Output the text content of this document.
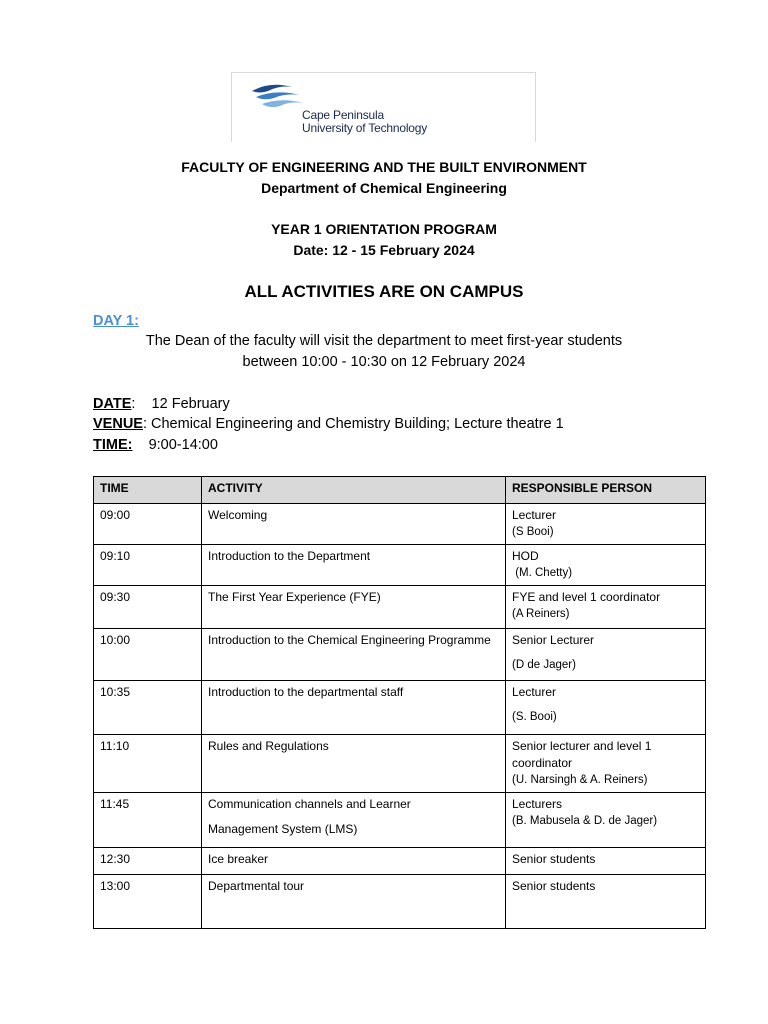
Cape Peninsula
University of Technology
FACULTY OF ENGINEERING AND THE BUILT ENVIRONMENT
Department of Chemical Engineering
YEAR 1 ORIENTATION PROGRAM
Date: 12 - 15 February 2024
ALL ACTIVITIES ARE ON CAMPUS
DAY 1:
The Dean of the faculty will visit the department to meet first-year students
between 10:00 - 10:30 on 12 February 2024
DATE:    12 February
VENUE: Chemical Engineering and Chemistry Building; Lecture theatre 1
TIME:    9:00-14:00
TIME	ACTIVITY	RESPONSIBLE PERSON
09:00	Welcoming	Lecturer
(S Booi)

09:10	Introduction to the Department	HOD
(M. Chetty)

09:30	The First Year Experience (FYE)	FYE and level 1 coordinator
(A Reiners)

10:00	Introduction to the Chemical Engineering Programme	Senior Lecturer
(D de Jager)

10:35	Introduction to the departmental staff	Lecturer
(S. Booi)

11:10	Rules and Regulations	Senior lecturer and level 1 coordinator
(U. Narsingh & A. Reiners)

11:45	Communication channels and Learner
Management System (LMS)	Lecturers
(B. Mabusela & D. de Jager)

12:30	Ice breaker	Senior students
13:00	Departmental tour	Senior students
